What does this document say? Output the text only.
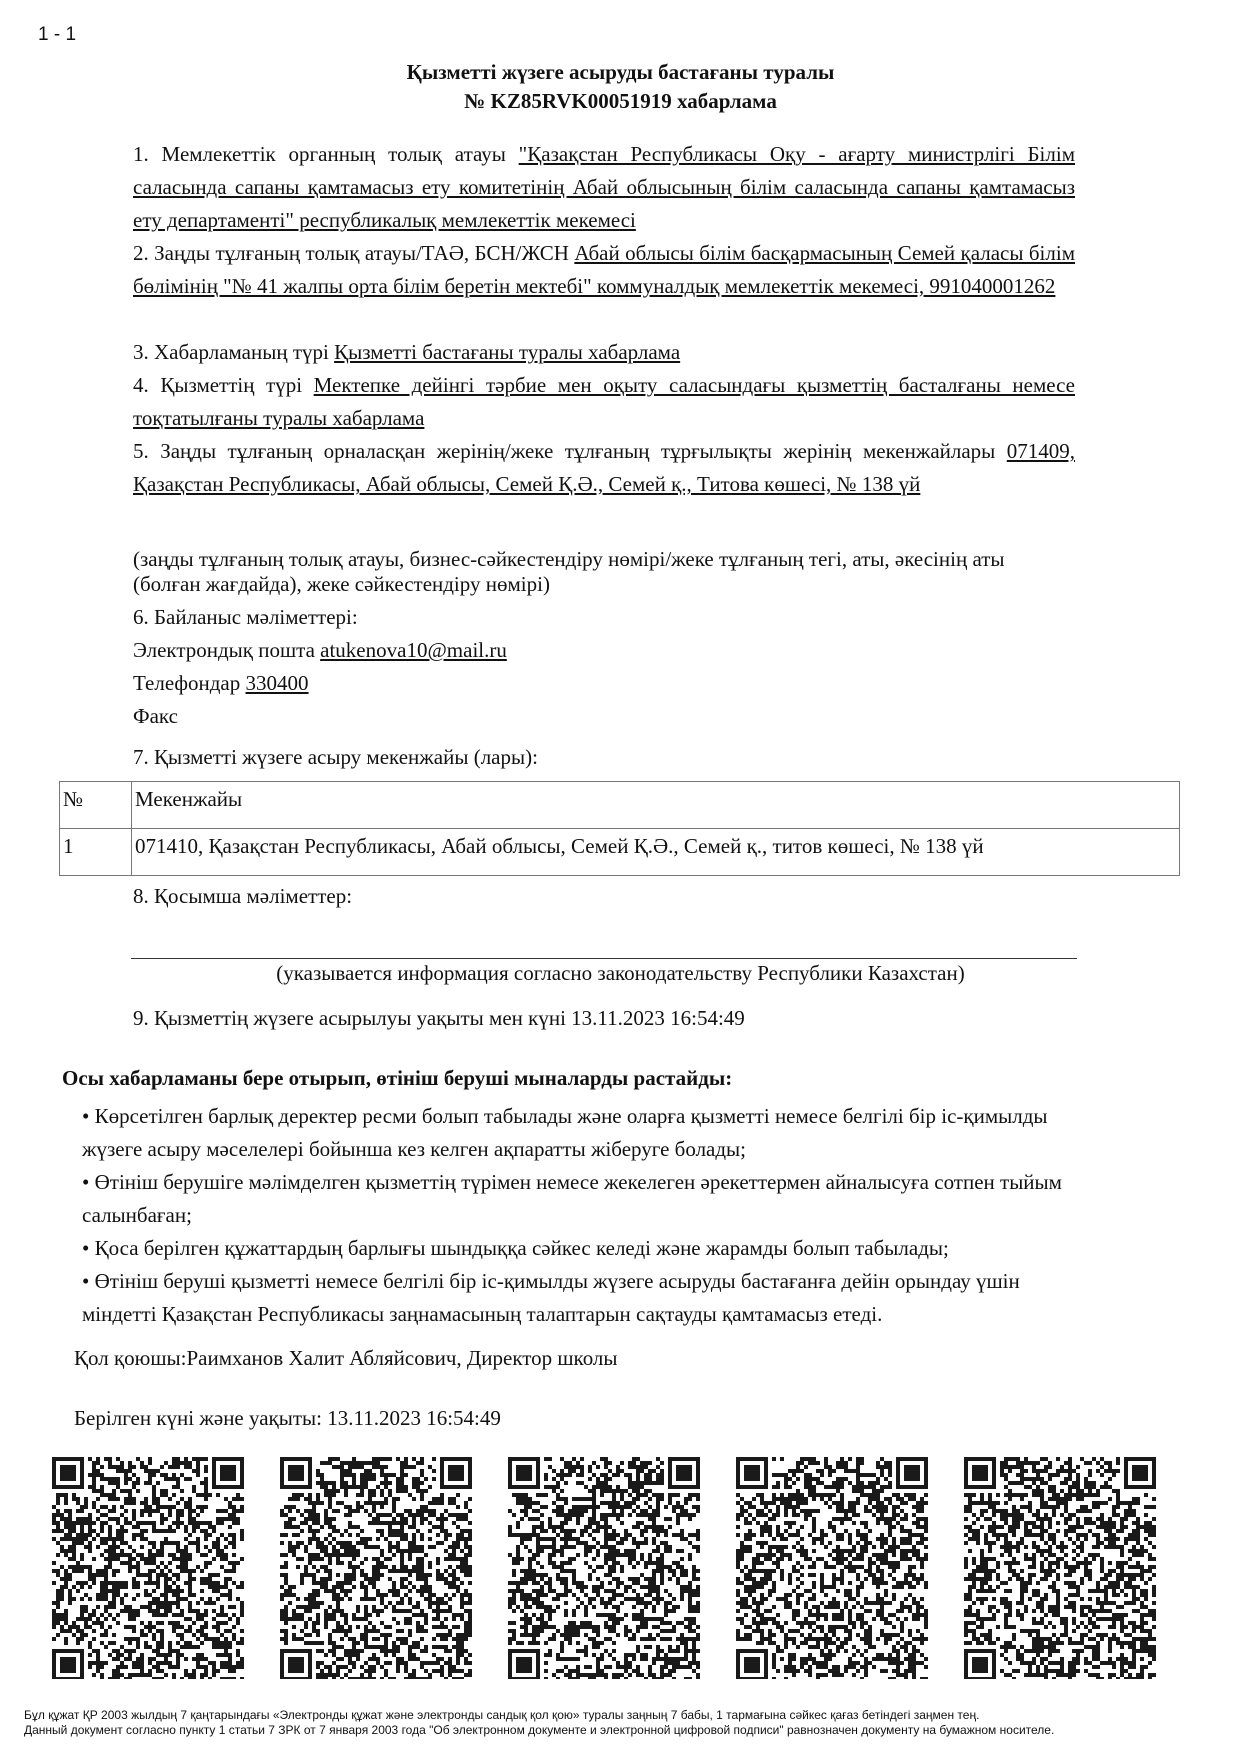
1 - 1
Қызметті жүзеге асыруды бастағаны туралы
№ KZ85RVK00051919 хабарлама
1. Мемлекеттік органның толық атауы "Қазақстан Республикасы Оқу - ағарту министрлігі Білім саласында сапаны қамтамасыз ету комитетінің Абай облысының білім саласында сапаны қамтамасыз ету департаменті" республикалық мемлекеттік мекемесі
2. Заңды тұлғаның толық атауы/ТАӘ, БСН/ЖСН Абай облысы білім басқармасының Семей қаласы білім бөлімінің "№ 41 жалпы орта білім беретін мектебі" коммуналдық мемлекеттік мекемесі, 991040001262
3. Хабарламаның түрі Қызметті бастағаны туралы хабарлама
4. Қызметтің түрі Мектепке дейінгі тәрбие мен оқыту саласындағы қызметтің басталғаны немесе тоқтатылғаны туралы хабарлама
5. Заңды тұлғаның орналасқан жерінің/жеке тұлғаның тұрғылықты жерінің мекенжайлары 071409, Қазақстан Республикасы, Абай облысы, Семей Қ.Ә., Семей қ., Титова көшесі, № 138 үй
(заңды тұлғаның толық атауы, бизнес-сәйкестендіру нөмірі/жеке тұлғаның тегі, аты, әкесінің аты (болған жағдайда), жеке сәйкестендіру нөмірі)
6. Байланыс мәліметтері:
Электрондық пошта atukenova10@mail.ru
Телефондар 330400
Факс
7. Қызметті жүзеге асыру мекенжайы (лары):
№	Мекенжайы
1	071410, Қазақстан Республикасы, Абай облысы, Семей Қ.Ә., Семей қ., титов көшесі, № 138 үй
8. Қосымша мәліметтер:
(указывается информация согласно законодательству Республики Казахстан)
9. Қызметтің жүзеге асырылуы уақыты мен күні 13.11.2023 16:54:49
Осы хабарламаны бере отырып, өтініш беруші мыналарды растайды:

• Көрсетілген барлық деректер ресми болып табылады және оларға қызметті немесе белгілі бір іс-қимылды жүзеге асыру мәселелері бойынша кез келген ақпаратты жіберуге болады;

• Өтініш берушіге мәлімделген қызметтің түрімен немесе жекелеген әрекеттермен айналысуға сотпен тыйым салынбаған;

• Қоса берілген құжаттардың барлығы шындыққа сәйкес келеді және жарамды болып табылады;

• Өтініш беруші қызметті немесе белгілі бір іс-қимылды жүзеге асыруды бастағанға дейін орындау үшін міндетті Қазақстан Республикасы заңнамасының талаптарын сақтауды қамтамасыз етеді.

Қол қоюшы:Раимханов Халит Абляйсович, Директор школы
Берілген күні және уақыты: 13.11.2023 16:54:49
Бұл құжат ҚР 2003 жылдың 7 қаңтарындағы «Электронды құжат және электронды сандық қол қою» туралы заңның 7 бабы, 1 тармағына сәйкес қағаз бетіндегі заңмен тең.
Данный документ согласно пункту 1 статьи 7 ЗРК от 7 января 2003 года "Об электронном документе и электронной цифровой подписи" равнозначен документу на бумажном носителе.
